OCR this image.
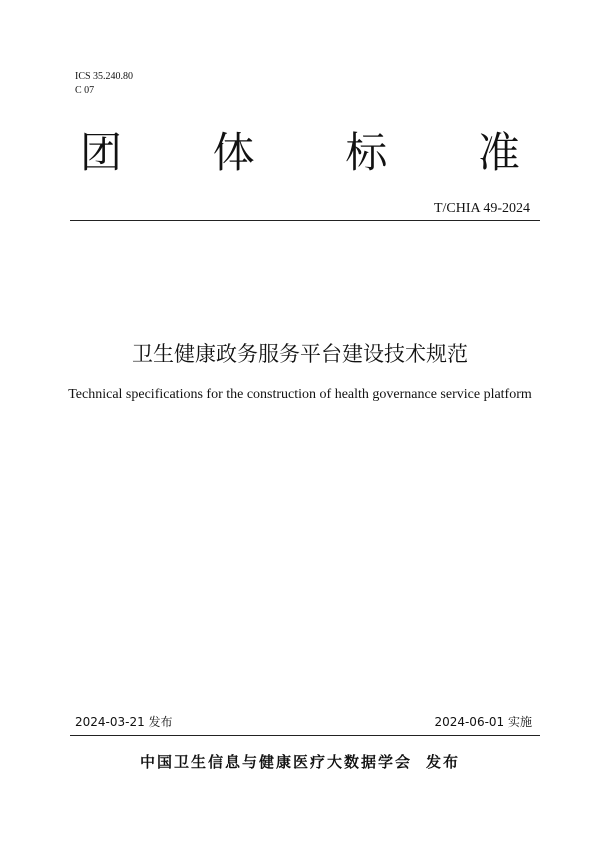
ICS 35.240.80
C 07
团 体 标 准
T/CHIA 49-2024
卫生健康政务服务平台建设技术规范
Technical specifications for the construction of health governance service platform
2024-03-21 发布	2024-06-01 实施
中国卫生信息与健康医疗大数据学会 发布
